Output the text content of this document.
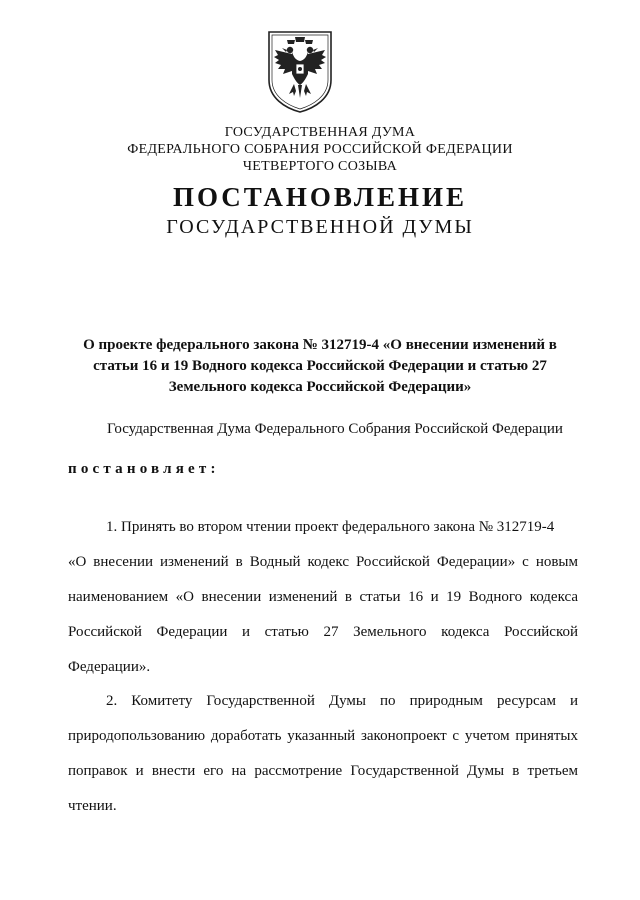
ГОСУДАРСТВЕННАЯ ДУМА
ФЕДЕРАЛЬНОГО СОБРАНИЯ РОССИЙСКОЙ ФЕДЕРАЦИИ
ЧЕТВЕРТОГО СОЗЫВА
ПОСТАНОВЛЕНИЕ
ГОСУДАРСТВЕННОЙ ДУМЫ
О проекте федерального закона № 312719-4 «О внесении изменений в
статьи 16 и 19 Водного кодекса Российской Федерации и статью 27
Земельного кодекса Российской Федерации»
Государственная Дума Федерального Собрания Российской Федерации
постановляет:
1. Принять во втором чтении проект федерального закона № 312719-4
«О внесении изменений в Водный кодекс Российской Федерации» с новым
наименованием «О внесении изменений в статьи 16 и 19 Водного кодекса
Российской Федерации и статью 27 Земельного кодекса Российской
Федерации».
2. Комитету Государственной Думы по природным ресурсам и
природопользованию доработать указанный законопроект с учетом принятых
поправок и внести его на рассмотрение Государственной Думы в третьем
чтении.
